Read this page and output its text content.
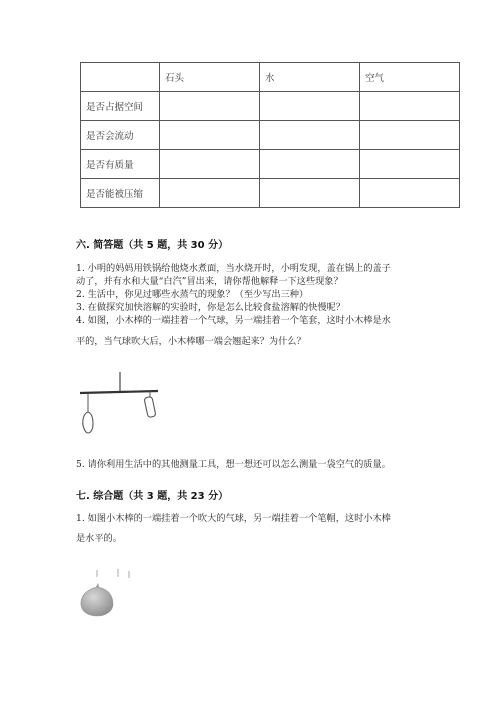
	石头	水	空气
是否占据空间			
是否会流动			
是否有质量			
是否能被压缩			
六. 简答题（共 5 题，共 30 分）
1. 小明的妈妈用铁锅给他烧水煮面，当水烧开时，小明发现，盖在锅上的盖子
动了，并有水和大量“白汽”冒出来，请你帮他解释一下这些现象？
2. 生活中，你见过哪些水蒸气的现象？（至少写出三种）
3. 在做探究加快溶解的实验时，你是怎么比较食盐溶解的快慢呢？
4. 如图，小木棒的一端挂着一个气球，另一端挂着一个笔套，这时小木棒是水
平的，当气球吹大后，小木棒哪一端会翘起来？为什么？
5. 请你利用生活中的其他测量工具，想一想还可以怎么测量一袋空气的质量。
七. 综合题（共 3 题，共 23 分）
1. 如图小木棒的一端挂着一个吹大的气球，另一端挂着一个笔帽，这时小木棒
是水平的。
